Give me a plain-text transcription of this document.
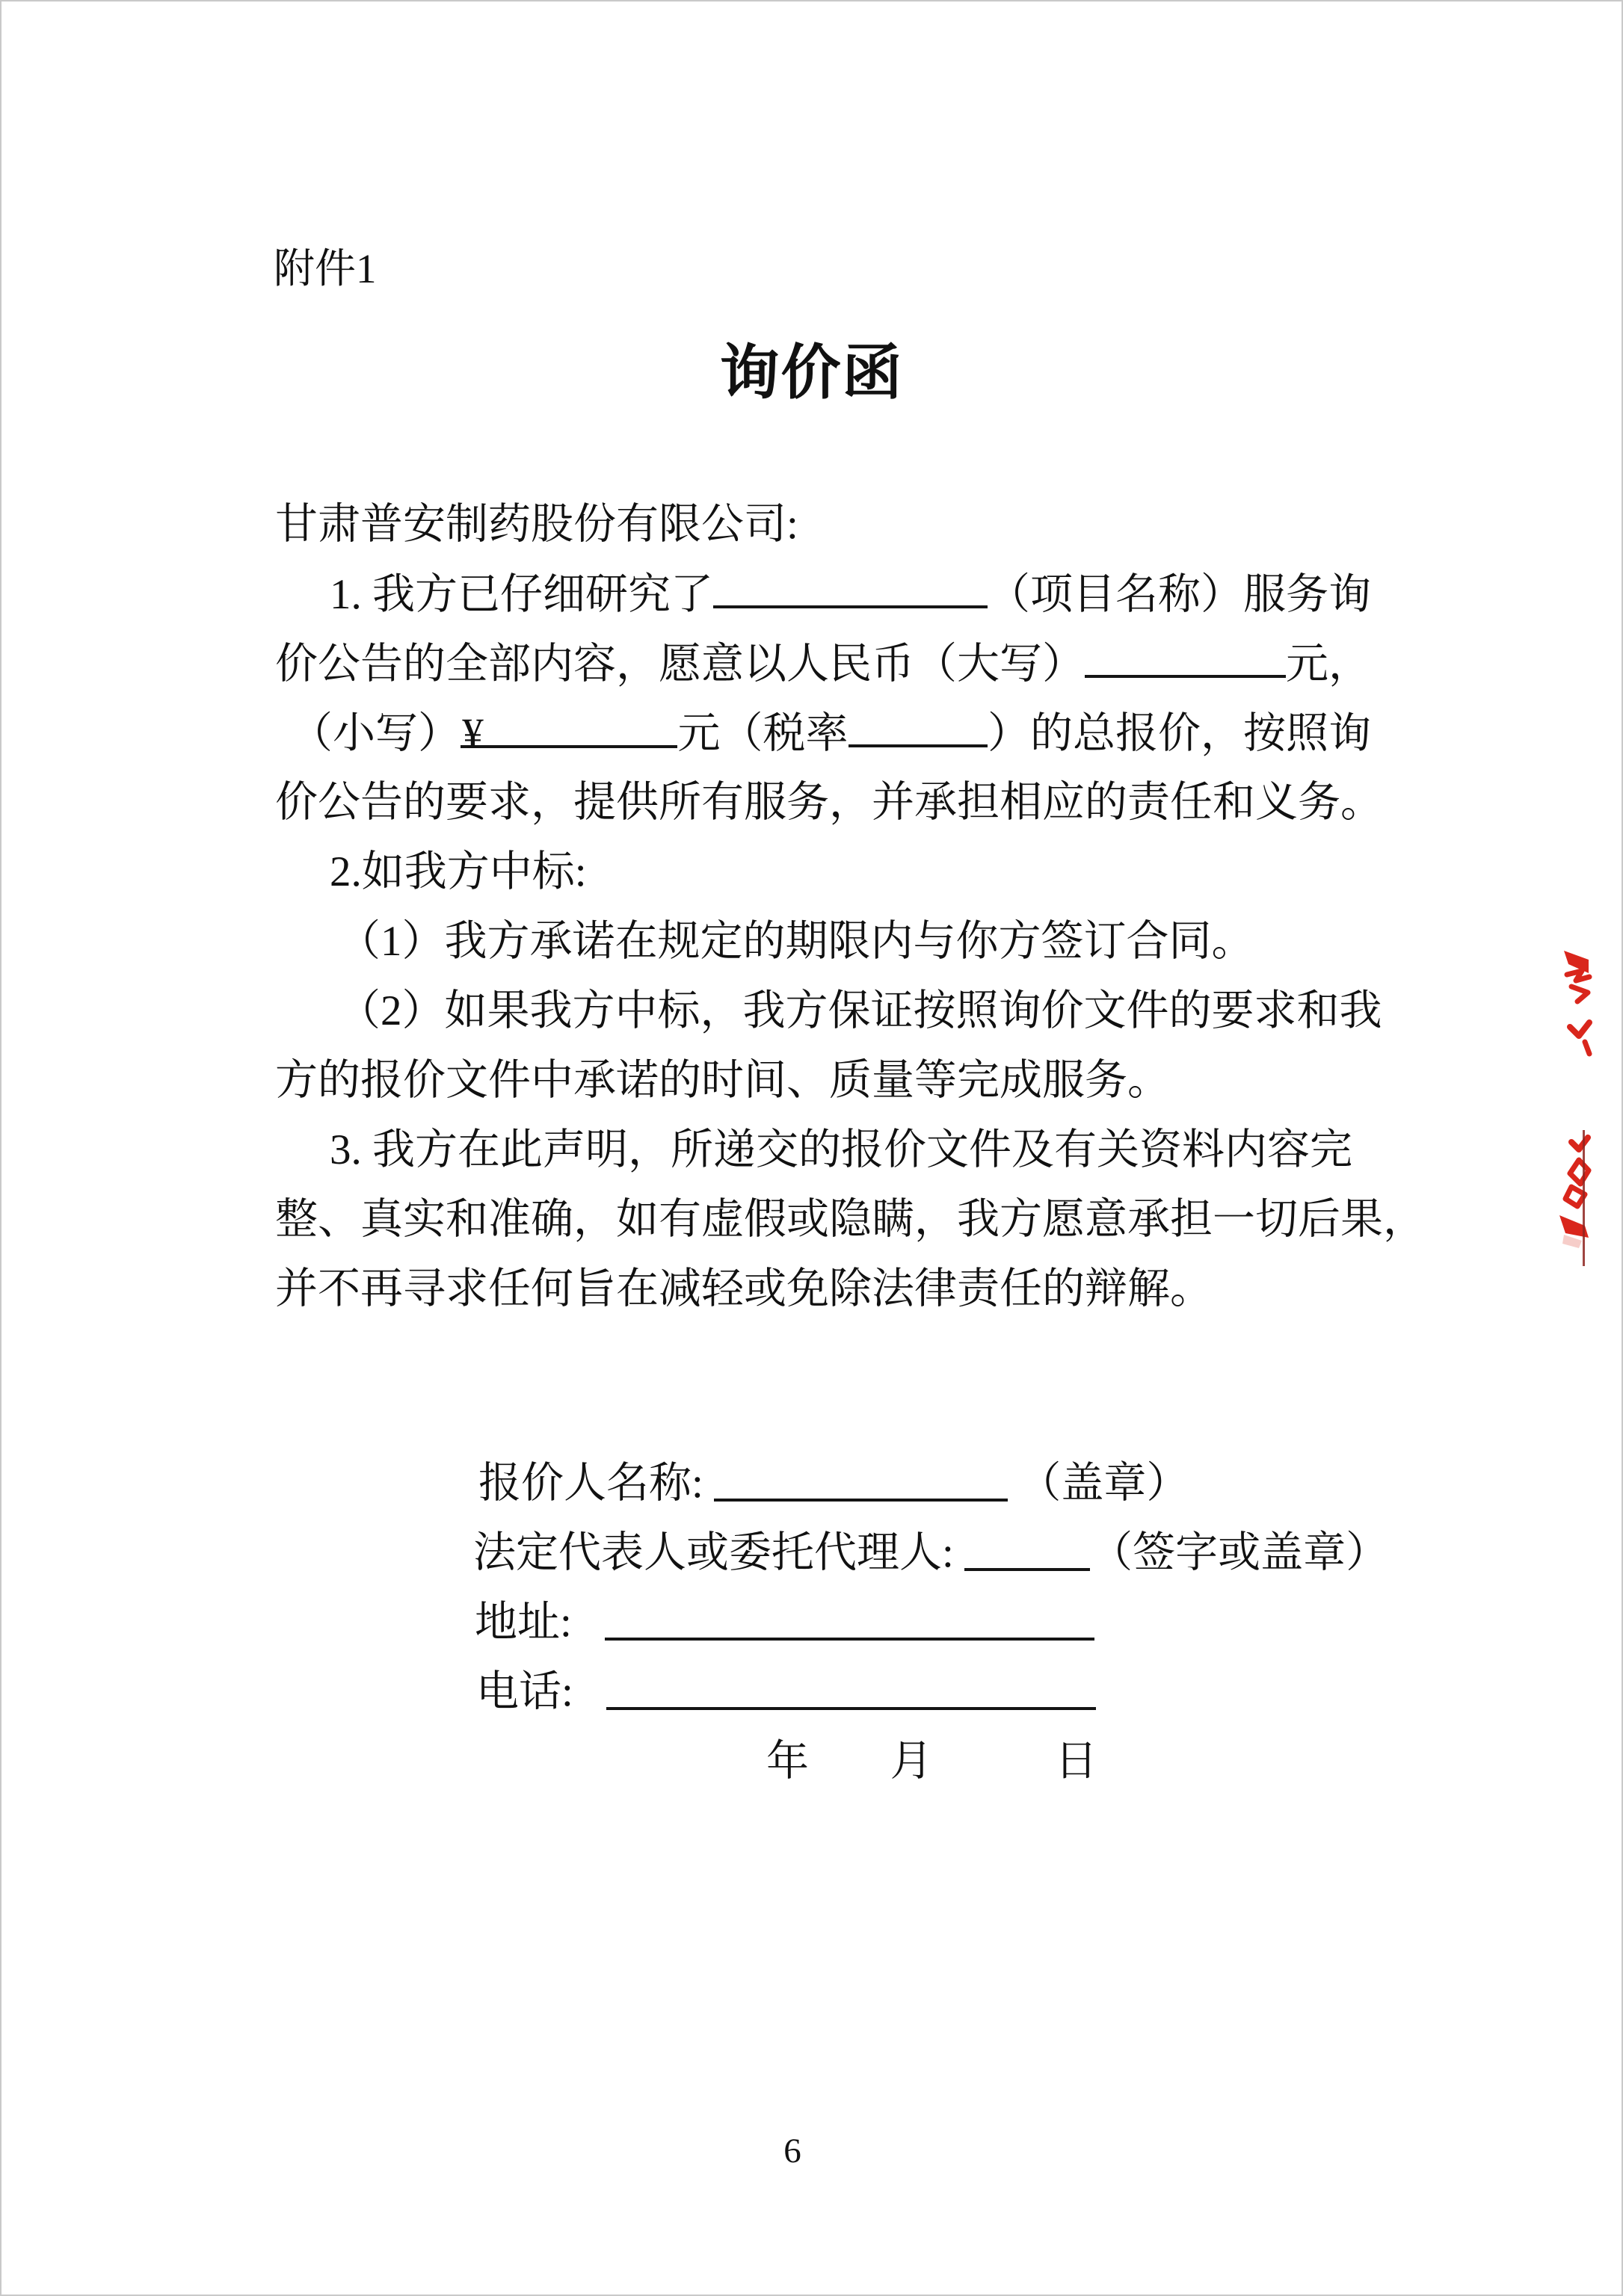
附件1
询价函
甘肃普安制药股份有限公司:
1. 我方已仔细研究了	（项目名称）服务询
价公告的全部内容，愿意以人民币（大写）	元，
（小写） ¥	元（税率	）的总报价，按照询
价公告的要求，提供所有服务，并承担相应的责任和义务。
2.如我方中标:
（1）我方承诺在规定的期限内与你方签订合同。
（2）如果我方中标，我方保证按照询价文件的要求和我
方的报价文件中承诺的时间、质量等完成服务。
3. 我方在此声明，所递交的报价文件及有关资料内容完
整、真实和准确，如有虚假或隐瞒，我方愿意承担一切后果，
并不再寻求任何旨在减轻或免除法律责任的辩解。
报价人名称:	（盖章）
法定代表人或委托代理人:	（签字或盖章）
地址:
电话:
年 月	日
6
